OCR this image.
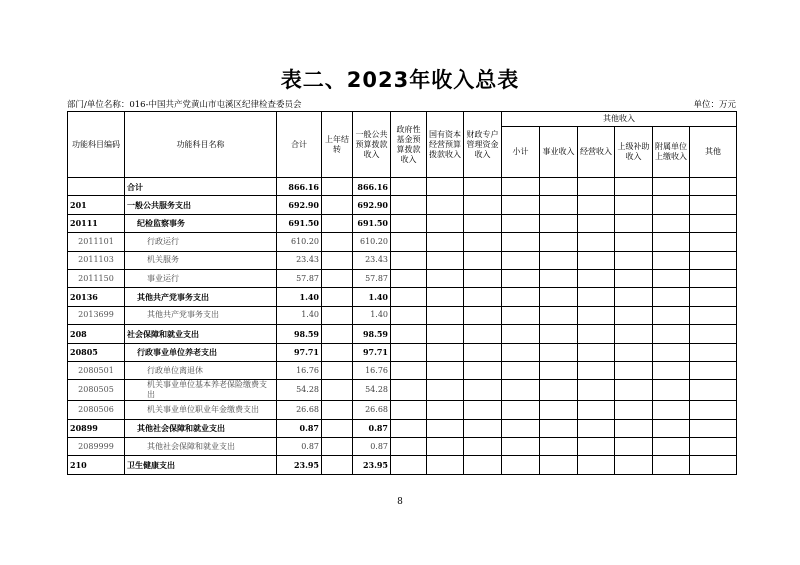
表二、2023年收入总表
部门/单位名称：016-中国共产党黄山市屯溪区纪律检查委员会	单位：万元
功能科目编码	功能科目名称	合计	上年结转	一般公共预算拨款收入	政府性基金预算拨款收入	国有资本经营预算拨款收入	财政专户管理资金收入	其他收入					
								小计	事业收入	经营收入	上级补助收入	附属单位上缴收入	其他
	合计	866.16		866.16									
201	一般公共服务支出	692.90		692.90									
20111	纪检监察事务	691.50		691.50									
2011101	行政运行	610.20		610.20									
2011103	机关服务	23.43		23.43									
2011150	事业运行	57.87		57.87									
20136	其他共产党事务支出	1.40		1.40									
2013699	其他共产党事务支出	1.40		1.40									
208	社会保障和就业支出	98.59		98.59									
20805	行政事业单位养老支出	97.71		97.71									
2080501	行政单位离退休	16.76		16.76									
2080505	机关事业单位基本养老保险缴费支出	54.28		54.28									
2080506	机关事业单位职业年金缴费支出	26.68		26.68									
20899	其他社会保障和就业支出	0.87		0.87									
2089999	其他社会保障和就业支出	0.87		0.87									
210	卫生健康支出	23.95		23.95									
8
